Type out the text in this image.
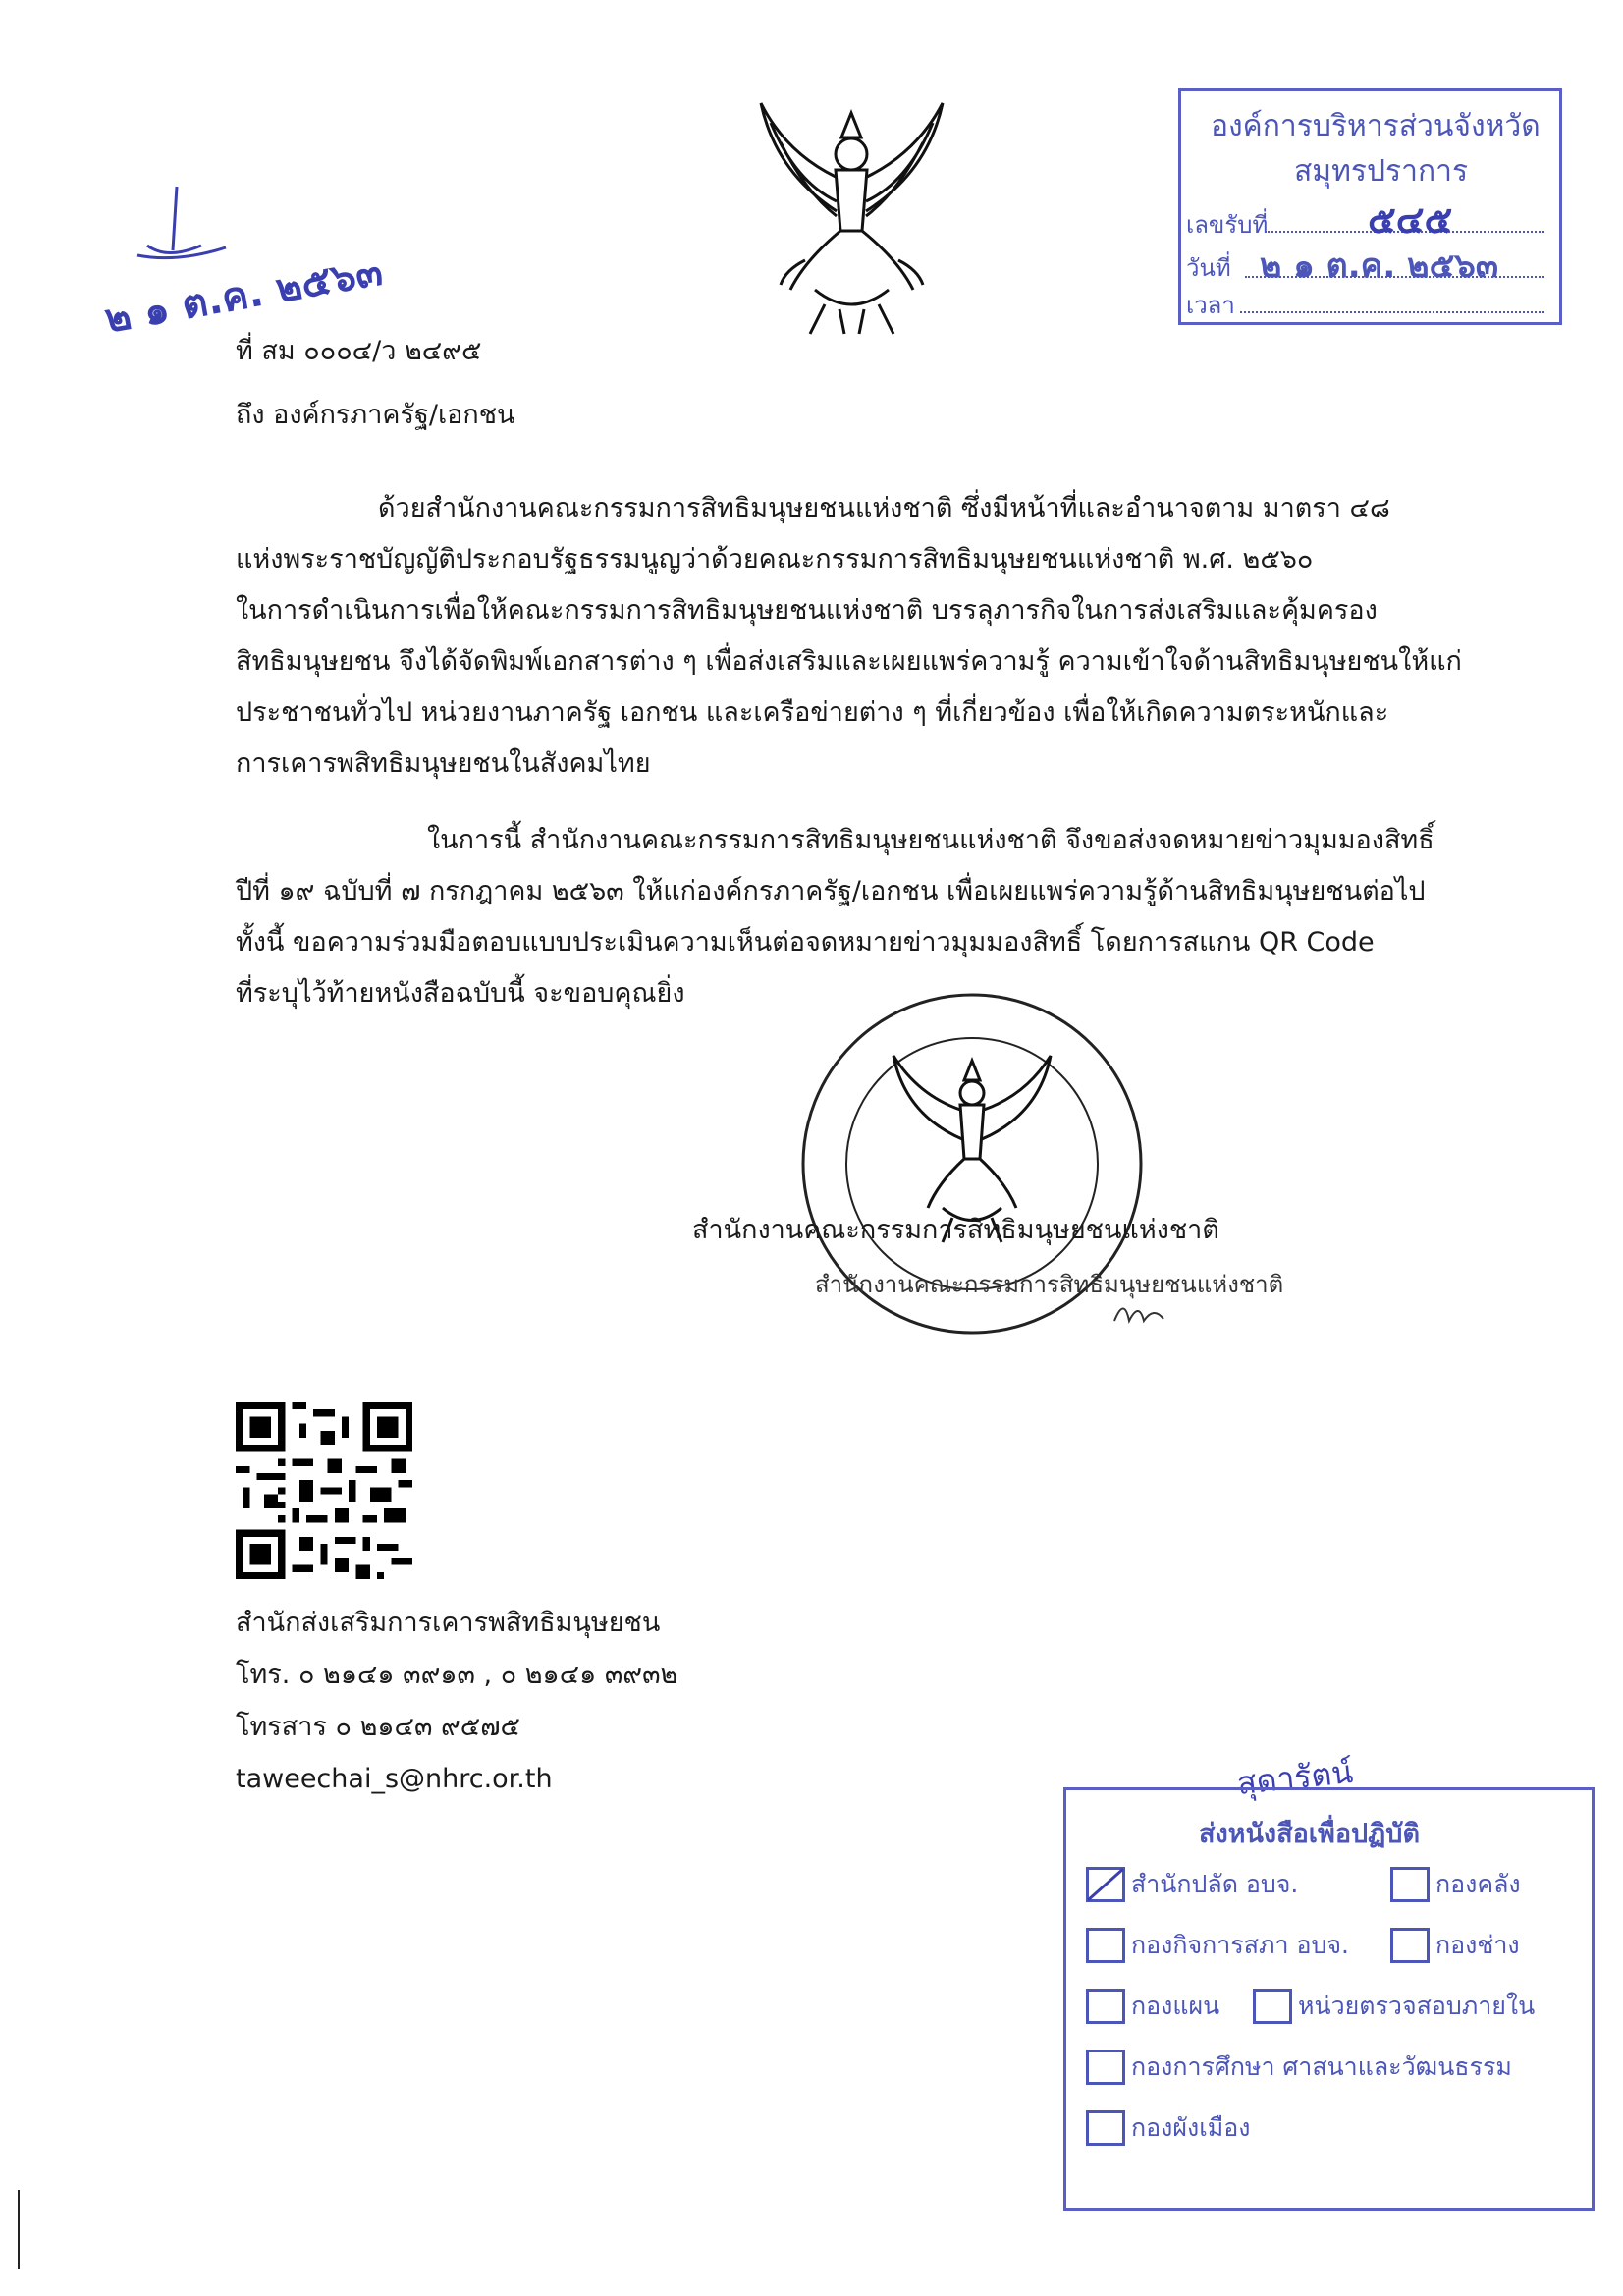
๒ ๑ ต.ค. ๒๕๖๓
องค์การบริหารส่วนจังหวัด
สมุทรปราการ
เลขรับที่	๕๔๕
วันที่ ๒ ๑ ต.ค. ๒๕๖๓
เวลา
ที่ สม ๐๐๐๔/ว ๒๔๙๕
ถึง องค์กรภาครัฐ/เอกชน
ด้วยสำนักงานคณะกรรมการสิทธิมนุษยชนแห่งชาติ ซึ่งมีหน้าที่และอำนาจตาม มาตรา ๔๘
แห่งพระราชบัญญัติประกอบรัฐธรรมนูญว่าด้วยคณะกรรมการสิทธิมนุษยชนแห่งชาติ พ.ศ. ๒๕๖๐
ในการดำเนินการเพื่อให้คณะกรรมการสิทธิมนุษยชนแห่งชาติ บรรลุภารกิจในการส่งเสริมและคุ้มครอง
สิทธิมนุษยชน จึงได้จัดพิมพ์เอกสารต่าง ๆ เพื่อส่งเสริมและเผยแพร่ความรู้ ความเข้าใจด้านสิทธิมนุษยชนให้แก่
ประชาชนทั่วไป หน่วยงานภาครัฐ เอกชน และเครือข่ายต่าง ๆ ที่เกี่ยวข้อง เพื่อให้เกิดความตระหนักและ
การเคารพสิทธิมนุษยชนในสังคมไทย
ในการนี้ สำนักงานคณะกรรมการสิทธิมนุษยชนแห่งชาติ จึงขอส่งจดหมายข่าวมุมมองสิทธิ์
ปีที่ ๑๙ ฉบับที่ ๗ กรกฎาคม ๒๕๖๓ ให้แก่องค์กรภาครัฐ/เอกชน เพื่อเผยแพร่ความรู้ด้านสิทธิมนุษยชนต่อไป
ทั้งนี้ ขอความร่วมมือตอบแบบประเมินความเห็นต่อจดหมายข่าวมุมมองสิทธิ์ โดยการสแกน QR Code
ที่ระบุไว้ท้ายหนังสือฉบับนี้ จะขอบคุณยิ่ง
สำนักงานคณะกรรมการสิทธิมนุษยชนแห่งชาติ
สำนักงานคณะกรรมการสิทธิมนุษยชนแห่งชาติ
สำนักส่งเสริมการเคารพสิทธิมนุษยชน
โทร. ๐ ๒๑๔๑ ๓๙๑๓ , ๐ ๒๑๔๑ ๓๙๓๒
โทรสาร ๐ ๒๑๔๓ ๙๕๗๕
taweechai_s@nhrc.or.th	สุดารัตน์
ส่งหนังสือเพื่อปฏิบัติ
สำนักปลัด อบจ.	กองคลัง
กองกิจการสภา อบจ.	กองช่าง
กองแผน	หน่วยตรวจสอบภายใน
กองการศึกษา ศาสนาและวัฒนธรรม
กองผังเมือง
